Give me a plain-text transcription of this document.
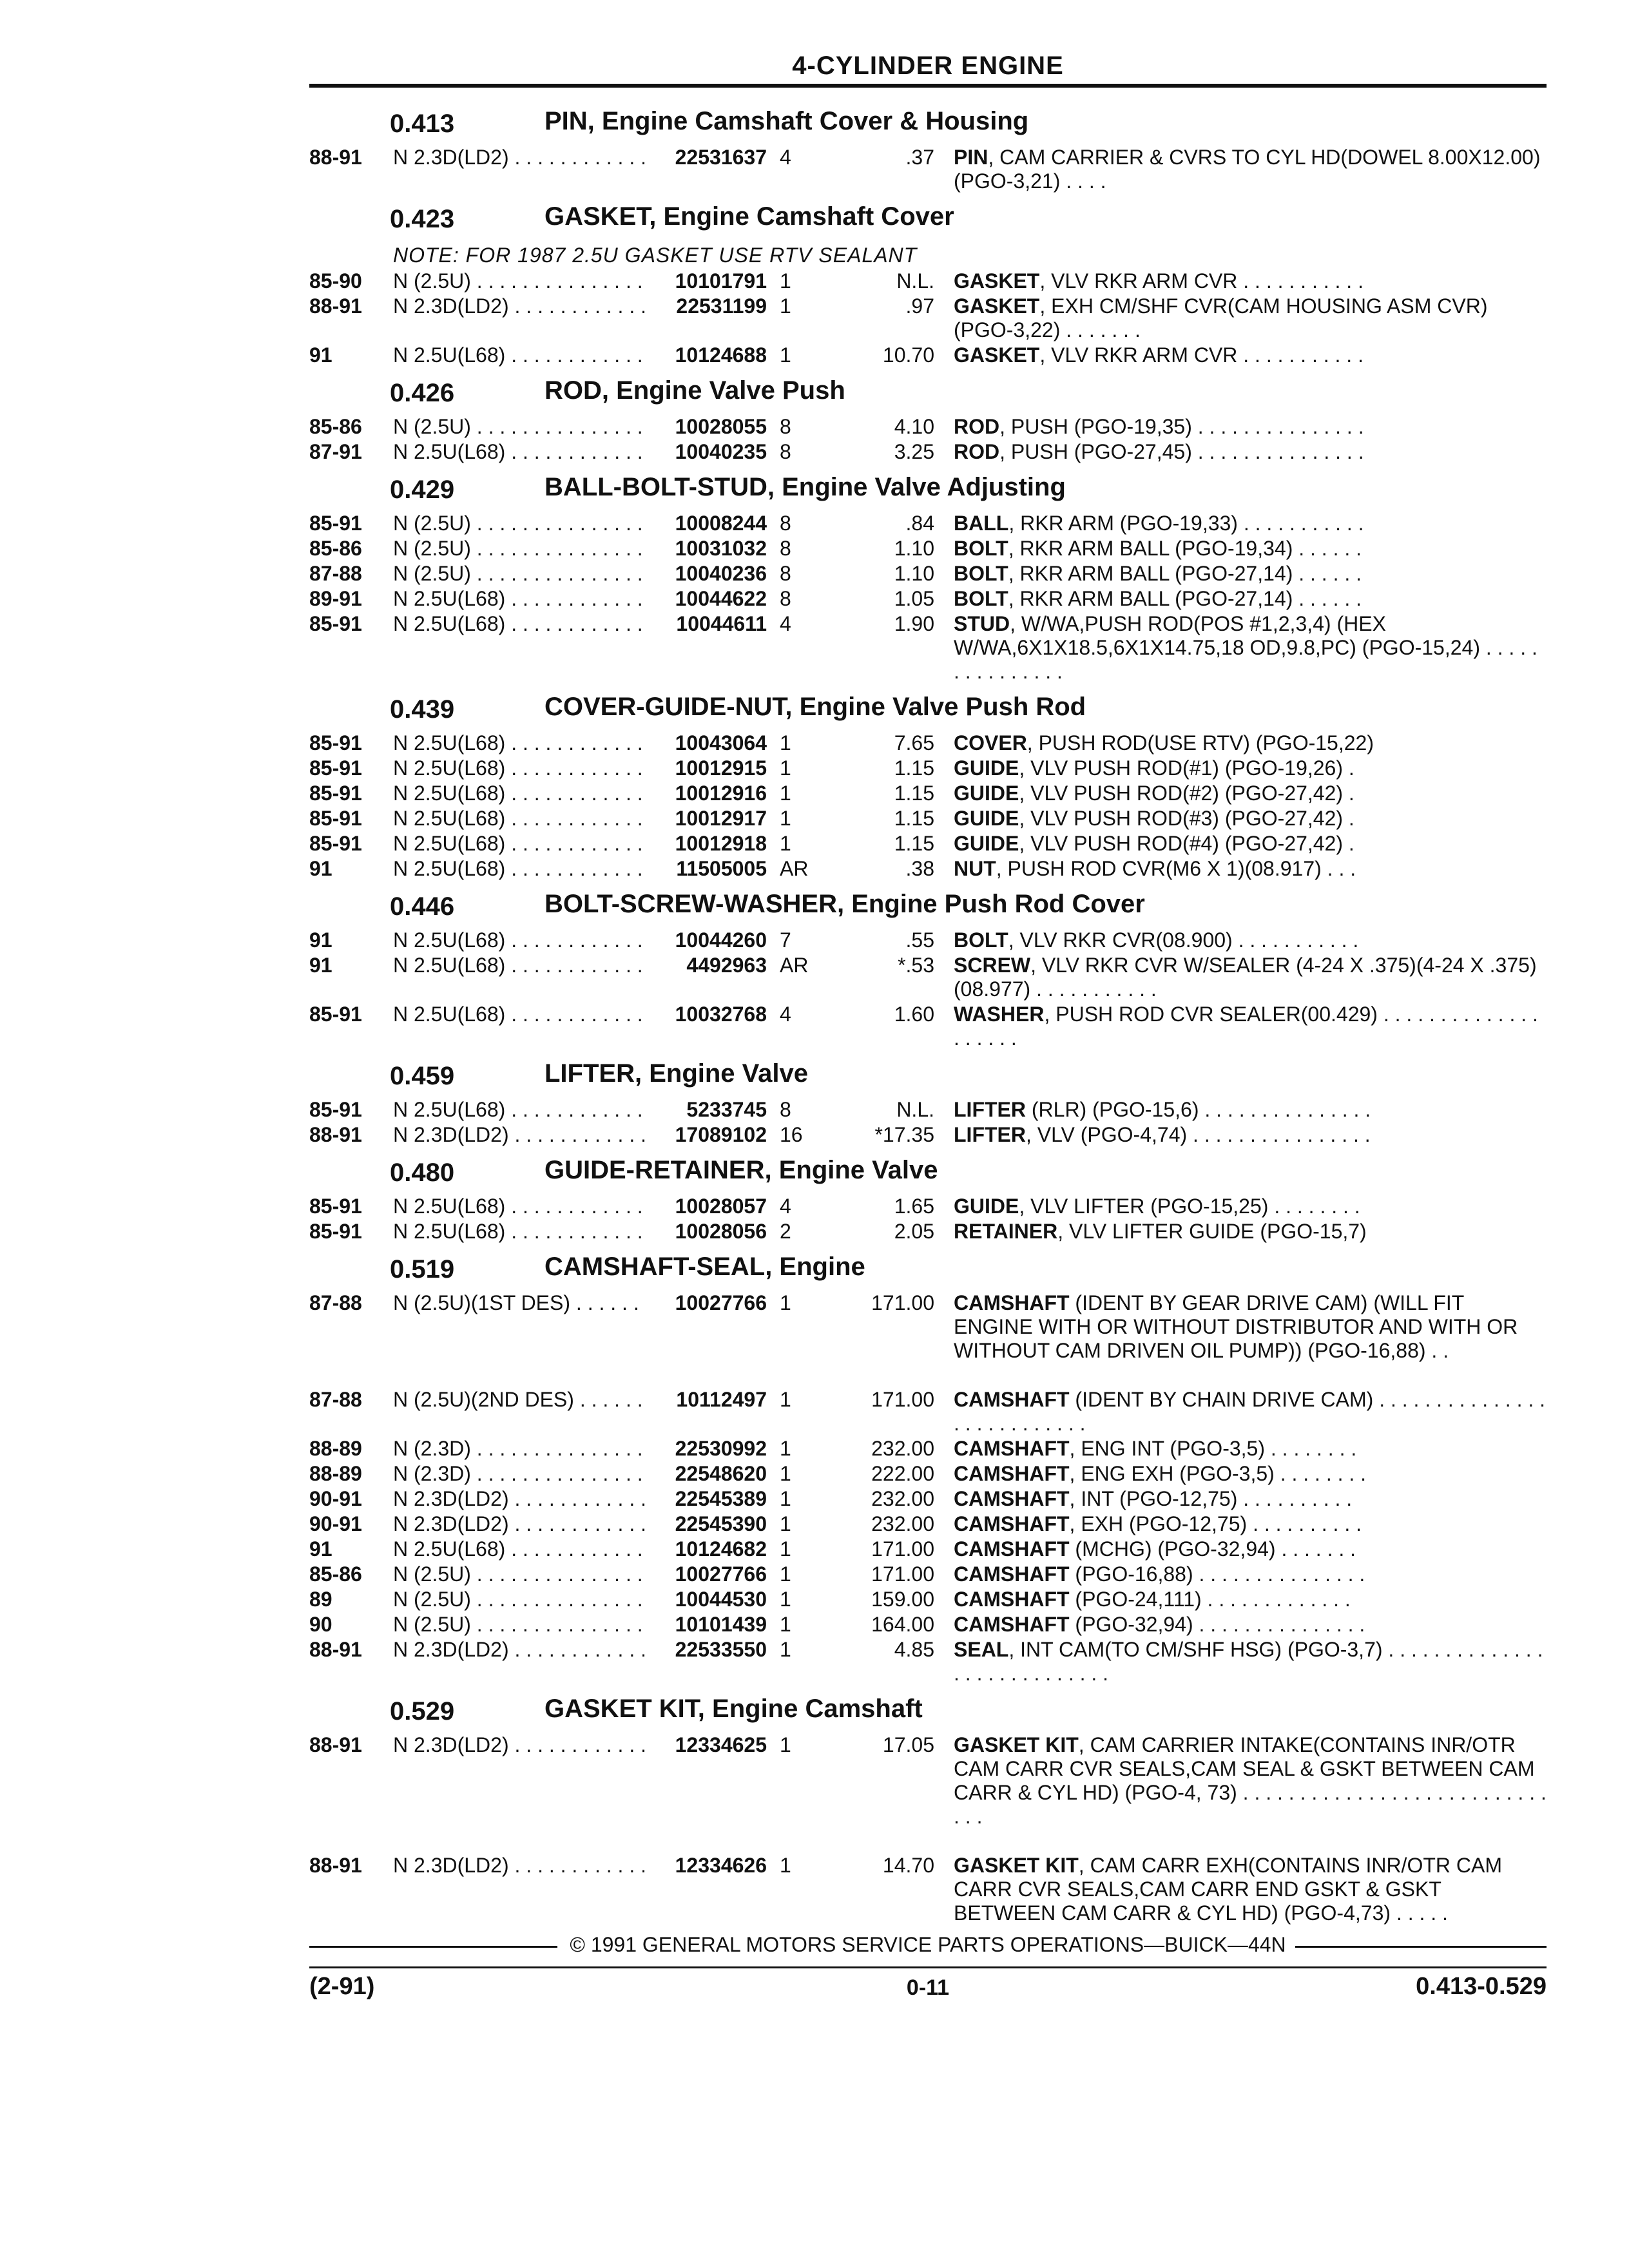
4-CYLINDER ENGINE
0.413	PIN, Engine Camshaft Cover & Housing
88-91	N 2.3D(LD2) . . .	22531637 4	.37 PIN, CAM CARRIER & CVRS TO CYL HD(DOWEL 8.00X12.00) (PGO-3,21) . . . .
0.423	GASKET, Engine Camshaft Cover
NOTE: FOR 1987 2.5U GASKET USE RTV SEALANT
85-90	N (2.5U) . . .	10101791 1	N.L. GASKET, VLV RKR ARM CVR . . . . . . . . . . .
88-91	N 2.3D(LD2) . . .	22531199 1	.97 GASKET, EXH CM/SHF CVR(CAM HOUSING ASM CVR) (PGO-3,22) . . . . . . .
91	N 2.5U(L68) . . .	10124688 1	10.70 GASKET, VLV RKR ARM CVR . . . . . . . . . . .
0.426	ROD, Engine Valve Push
85-86	N (2.5U) . . .	10028055 8	4.10 ROD, PUSH (PGO-19,35) . . . . . . . . . . . . . . .
87-91	N 2.5U(L68) . . .	10040235 8	3.25 ROD, PUSH (PGO-27,45) . . . . . . . . . . . . . . .
0.429	BALL-BOLT-STUD, Engine Valve Adjusting
85-91	N (2.5U) . . .	10008244 8	.84 BALL, RKR ARM (PGO-19,33) . . . . . . . . . . .
85-86	N (2.5U) . . .	10031032 8	1.10 BOLT, RKR ARM BALL (PGO-19,34) . . . . . .
87-88	N (2.5U) . . .	10040236 8	1.10 BOLT, RKR ARM BALL (PGO-27,14) . . . . . .
89-91	N 2.5U(L68) . . .	10044622 8	1.05 BOLT, RKR ARM BALL (PGO-27,14) . . . . . .
85-91	N 2.5U(L68) . . .	10044611 4	1.90 STUD, W/WA,PUSH ROD(POS #1,2,3,4) (HEX W/WA,6X1X18.5,6X1X14.75,18 OD,9.8,PC) (PGO-15,24) . . . . . . . . . . . . . . .
0.439	COVER-GUIDE-NUT, Engine Valve Push Rod
85-91	N 2.5U(L68) . . .	10043064 1	7.65 COVER, PUSH ROD(USE RTV) (PGO-15,22)
85-91	N 2.5U(L68) . . .	10012915 1	1.15 GUIDE, VLV PUSH ROD(#1) (PGO-19,26) .
85-91	N 2.5U(L68) . . .	10012916 1	1.15 GUIDE, VLV PUSH ROD(#2) (PGO-27,42) .
85-91	N 2.5U(L68) . . .	10012917 1	1.15 GUIDE, VLV PUSH ROD(#3) (PGO-27,42) .
85-91	N 2.5U(L68) . . .	10012918 1	1.15 GUIDE, VLV PUSH ROD(#4) (PGO-27,42) .
91	N 2.5U(L68) . . .	11505005 AR	.38 NUT, PUSH ROD CVR(M6 X 1)(08.917) . . .
0.446	BOLT-SCREW-WASHER, Engine Push Rod Cover
91	N 2.5U(L68) . . .	10044260 7	.55 BOLT, VLV RKR CVR(08.900) . . . . . . . . . . .
91	N 2.5U(L68) . . .	4492963 AR	*.53 SCREW, VLV RKR CVR W/SEALER (4-24 X .375)(4-24 X .375)(08.977) . . . . . . . . . . .
85-91	N 2.5U(L68) . . .	10032768 4	1.60 WASHER, PUSH ROD CVR SEALER(00.429) . . . . . . . . . . . . . . . . . . . .
0.459	LIFTER, Engine Valve
85-91	N 2.5U(L68) . . .	5233745 8	N.L. LIFTER (RLR) (PGO-15,6) . . . . . . . . . . . . . . .
88-91	N 2.3D(LD2) . . .	17089102 16	*17.35 LIFTER, VLV (PGO-4,74) . . . . . . . . . . . . . . . .
0.480	GUIDE-RETAINER, Engine Valve
85-91	N 2.5U(L68) . . .	10028057 4	1.65 GUIDE, VLV LIFTER (PGO-15,25) . . . . . . . .
85-91	N 2.5U(L68) . . .	10028056 2	2.05 RETAINER, VLV LIFTER GUIDE (PGO-15,7)
0.519	CAMSHAFT-SEAL, Engine
87-88	N (2.5U)(1ST DES) . . .	10027766 1	171.00 CAMSHAFT (IDENT BY GEAR DRIVE CAM) (WILL FIT ENGINE WITH OR WITHOUT DISTRIBUTOR AND WITH OR WITHOUT CAM DRIVEN OIL PUMP)) (PGO-16,88) . .
87-88	N (2.5U)(2ND DES) . . .	10112497 1	171.00 CAMSHAFT (IDENT BY CHAIN DRIVE CAM) . . . . . . . . . . . . . . . . . . . . . . . . . . .
88-89	N (2.3D) . . .	22530992 1	232.00 CAMSHAFT, ENG INT (PGO-3,5) . . . . . . . .
88-89	N (2.3D) . . .	22548620 1	222.00 CAMSHAFT, ENG EXH (PGO-3,5) . . . . . . . .
90-91	N 2.3D(LD2) . . .	22545389 1	232.00 CAMSHAFT, INT (PGO-12,75) . . . . . . . . . .
90-91	N 2.3D(LD2) . . .	22545390 1	232.00 CAMSHAFT, EXH (PGO-12,75) . . . . . . . . . .
91	N 2.5U(L68) . . .	10124682 1	171.00 CAMSHAFT (MCHG) (PGO-32,94) . . . . . . .
85-86	N (2.5U) . . .	10027766 1	171.00 CAMSHAFT (PGO-16,88) . . . . . . . . . . . . . . .
89	N (2.5U) . . .	10044530 1	159.00 CAMSHAFT (PGO-24,111) . . . . . . . . . . . . .
90	N (2.5U) . . .	10101439 1	164.00 CAMSHAFT (PGO-32,94) . . . . . . . . . . . . . . .
88-91	N 2.3D(LD2) . . .	22533550 1	4.85 SEAL, INT CAM(TO CM/SHF HSG) (PGO-3,7) . . . . . . . . . . . . . . . . . . . . . . . . . . . .
0.529	GASKET KIT, Engine Camshaft
88-91	N 2.3D(LD2) . . .	12334625 1	17.05 GASKET KIT, CAM CARRIER INTAKE(CONTAINS INR/OTR CAM CARR CVR SEALS,CAM SEAL & GSKT BETWEEN CAM CARR & CYL HD) (PGO-4, 73) . . . . . . . . . . . . . . . . . . . . . . . . . . . . . .
88-91	N 2.3D(LD2) . . .	12334626 1	14.70 GASKET KIT, CAM CARR EXH(CONTAINS INR/OTR CAM CARR CVR SEALS,CAM CARR END GSKT & GSKT BETWEEN CAM CARR & CYL HD) (PGO-4,73) . . . . .
© 1991 GENERAL MOTORS SERVICE PARTS OPERATIONS—BUICK—44N
(2-91)	0-11	0.413-0.529
